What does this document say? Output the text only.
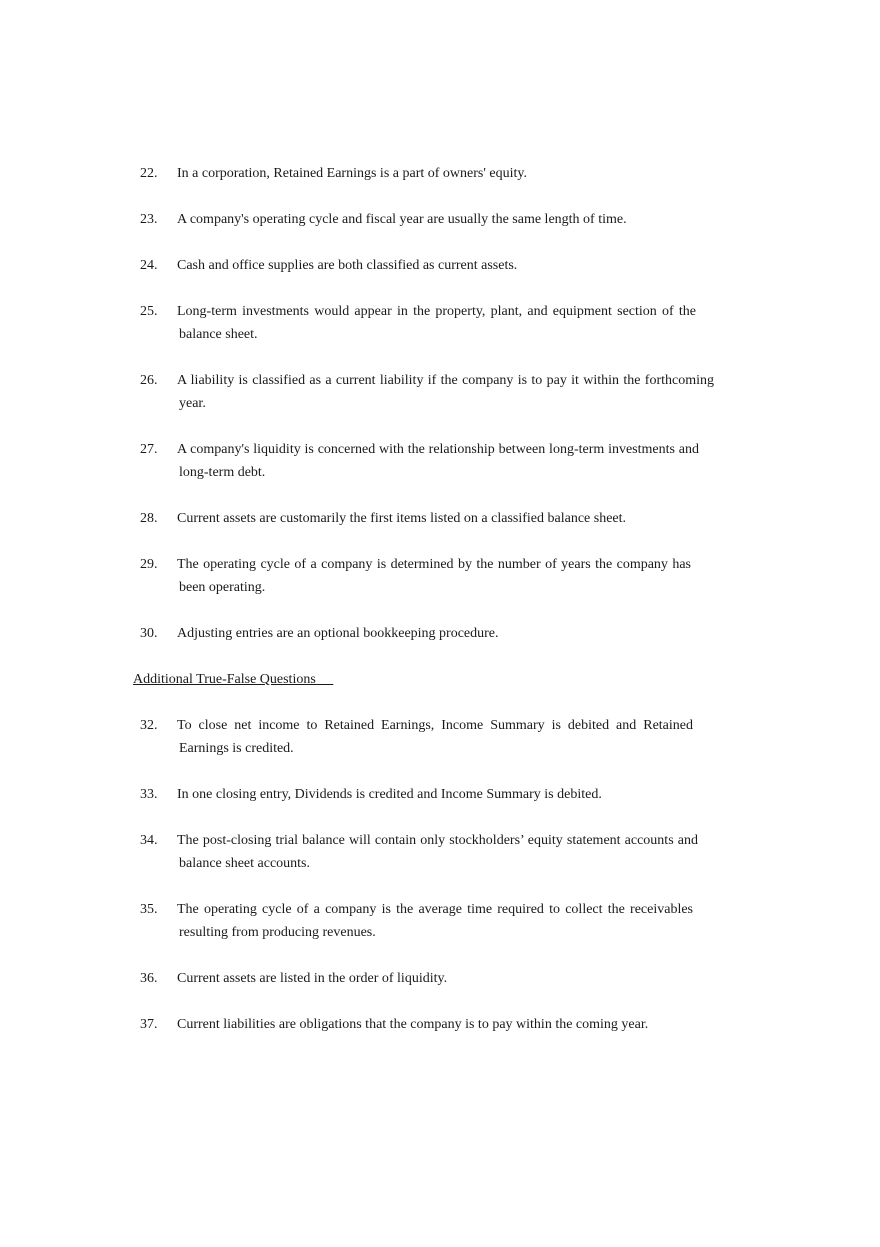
22. In a corporation, Retained Earnings is a part of owners' equity.
23. A company's operating cycle and fiscal year are usually the same length of time.
24. Cash and office supplies are both classified as current assets.
25. Long-term investments would appear in the property, plant, and equipment section of the
balance sheet.
26. A liability is classified as a current liability if the company is to pay it within the forthcoming
year.
27. A company's liquidity is concerned with the relationship between long-term investments and
long-term debt.
28. Current assets are customarily the first items listed on a classified balance sheet.
29. The operating cycle of a company is determined by the number of years the company has
been operating.
30. Adjusting entries are an optional bookkeeping procedure.
Additional True-False Questions
32. To close net income to Retained Earnings, Income Summary is debited and Retained
Earnings is credited.
33. In one closing entry, Dividends is credited and Income Summary is debited.
34. The post-closing trial balance will contain only stockholders’ equity statement accounts and
balance sheet accounts.
35. The operating cycle of a company is the average time required to collect the receivables
resulting from producing revenues.
36. Current assets are listed in the order of liquidity.
37. Current liabilities are obligations that the company is to pay within the coming year.
